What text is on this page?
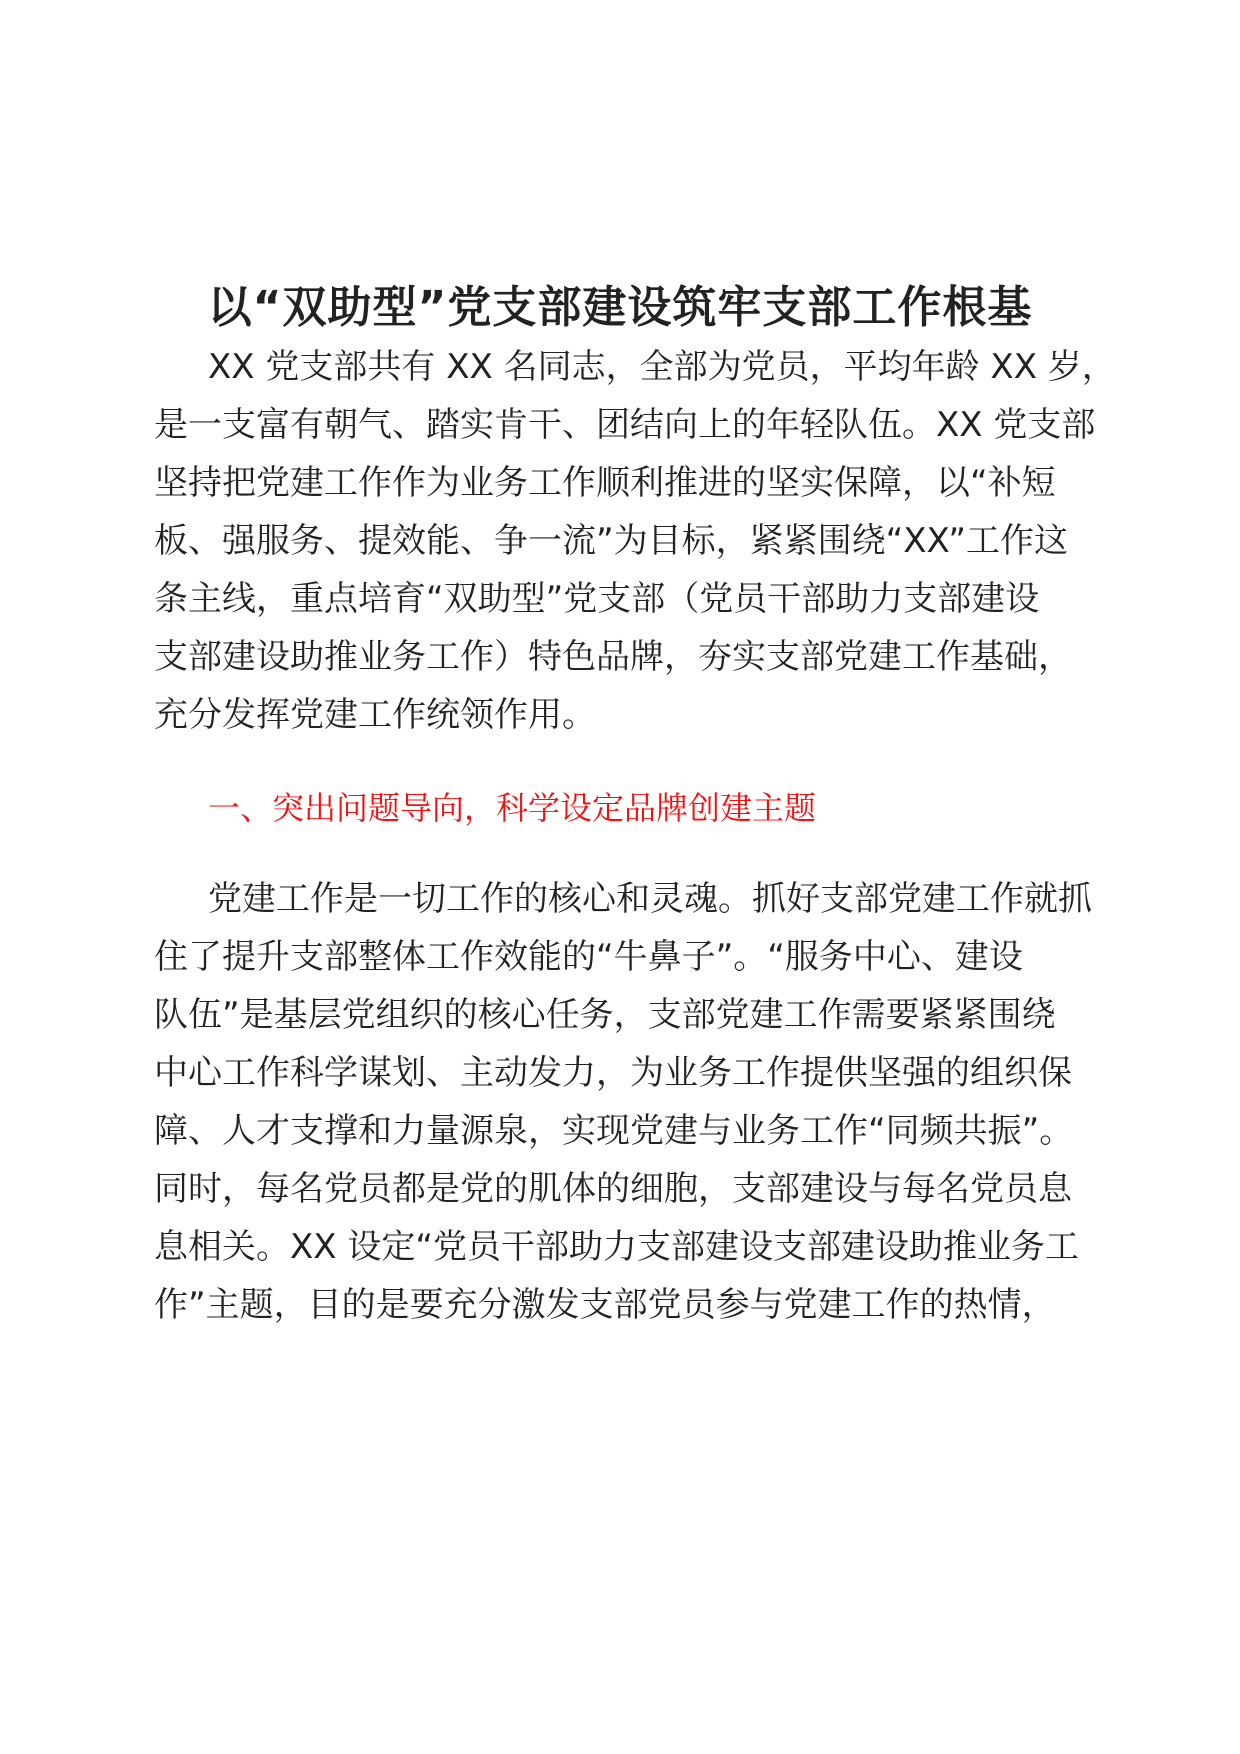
以“双助型”党支部建设筑牢支部工作根基
XX 党支部共有 XX 名同志，全部为党员，平均年龄 XX 岁，
是一支富有朝气、踏实肯干、团结向上的年轻队伍。XX 党支部
坚持把党建工作作为业务工作顺利推进的坚实保障，以“补短
板、强服务、提效能、争一流”为目标，紧紧围绕“XX”工作这
条主线，重点培育“双助型”党支部（党员干部助力支部建设
支部建设助推业务工作）特色品牌，夯实支部党建工作基础，
充分发挥党建工作统领作用。
一、突出问题导向，科学设定品牌创建主题
党建工作是一切工作的核心和灵魂。抓好支部党建工作就抓
住了提升支部整体工作效能的“牛鼻子”。“服务中心、建设
队伍”是基层党组织的核心任务，支部党建工作需要紧紧围绕
中心工作科学谋划、主动发力，为业务工作提供坚强的组织保
障、人才支撑和力量源泉，实现党建与业务工作“同频共振”。
同时，每名党员都是党的肌体的细胞，支部建设与每名党员息
息相关。XX 设定“党员干部助力支部建设支部建设助推业务工
作”主题，目的是要充分激发支部党员参与党建工作的热情，
